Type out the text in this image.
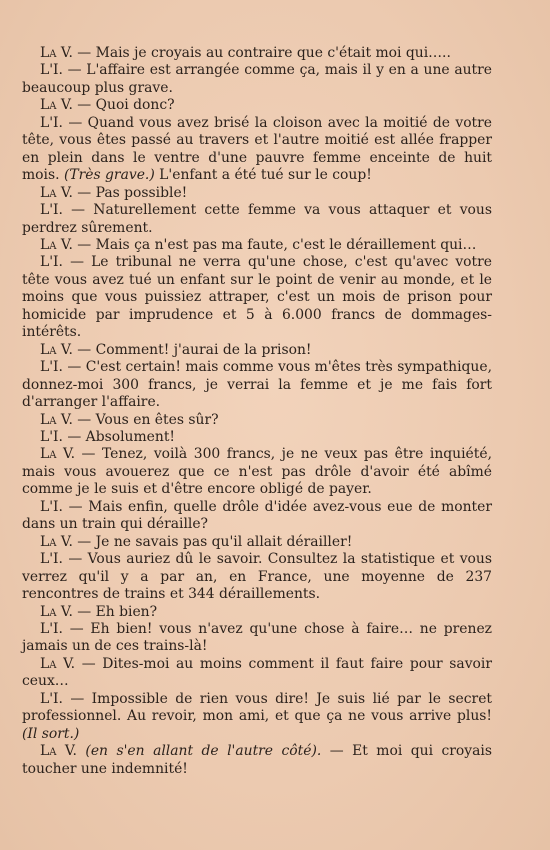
La V. — Mais je croyais au contraire que c'était moi qui…..

L'I. — L'affaire est arrangée comme ça, mais il y en a une autre beaucoup plus grave.

La V. — Quoi donc?

L'I. — Quand vous avez brisé la cloison avec la moitié de votre tête, vous êtes passé au travers et l'autre moitié est allée frapper en plein dans le ventre d'une pauvre femme enceinte de huit mois. (Très grave.) L'enfant a été tué sur le coup!

La V. — Pas possible!

L'I. — Naturellement cette femme va vous attaquer et vous perdrez sûrement.

La V. — Mais ça n'est pas ma faute, c'est le déraillement qui…

L'I. — Le tribunal ne verra qu'une chose, c'est qu'avec votre tête vous avez tué un enfant sur le point de venir au monde, et le moins que vous puissiez attraper, c'est un mois de prison pour homicide par imprudence et 5 à 6.000 francs de dommages-intérêts.

La V. — Comment! j'aurai de la prison!

L'I. — C'est certain! mais comme vous m'êtes très sympathique, donnez-moi 300 francs, je verrai la femme et je me fais fort d'arranger l'affaire.

La V. — Vous en êtes sûr?

L'I. — Absolument!

La V. — Tenez, voilà 300 francs, je ne veux pas être inquiété, mais vous avouerez que ce n'est pas drôle d'avoir été abîmé comme je le suis et d'être encore obligé de payer.

L'I. — Mais enfin, quelle drôle d'idée avez-vous eue de monter dans un train qui déraille?

La V. — Je ne savais pas qu'il allait dérailler!

L'I. — Vous auriez dû le savoir. Consultez la statistique et vous verrez qu'il y a par an, en France, une moyenne de 237 rencontres de trains et 344 déraillements.

La V. — Eh bien?

L'I. — Eh bien! vous n'avez qu'une chose à faire… ne prenez jamais un de ces trains-là!

La V. — Dites-moi au moins comment il faut faire pour savoir ceux…

L'I. — Impossible de rien vous dire! Je suis lié par le secret professionnel. Au revoir, mon ami, et que ça ne vous arrive plus! (Il sort.)

La V. (en s'en allant de l'autre côté). — Et moi qui croyais toucher une indemnité!
